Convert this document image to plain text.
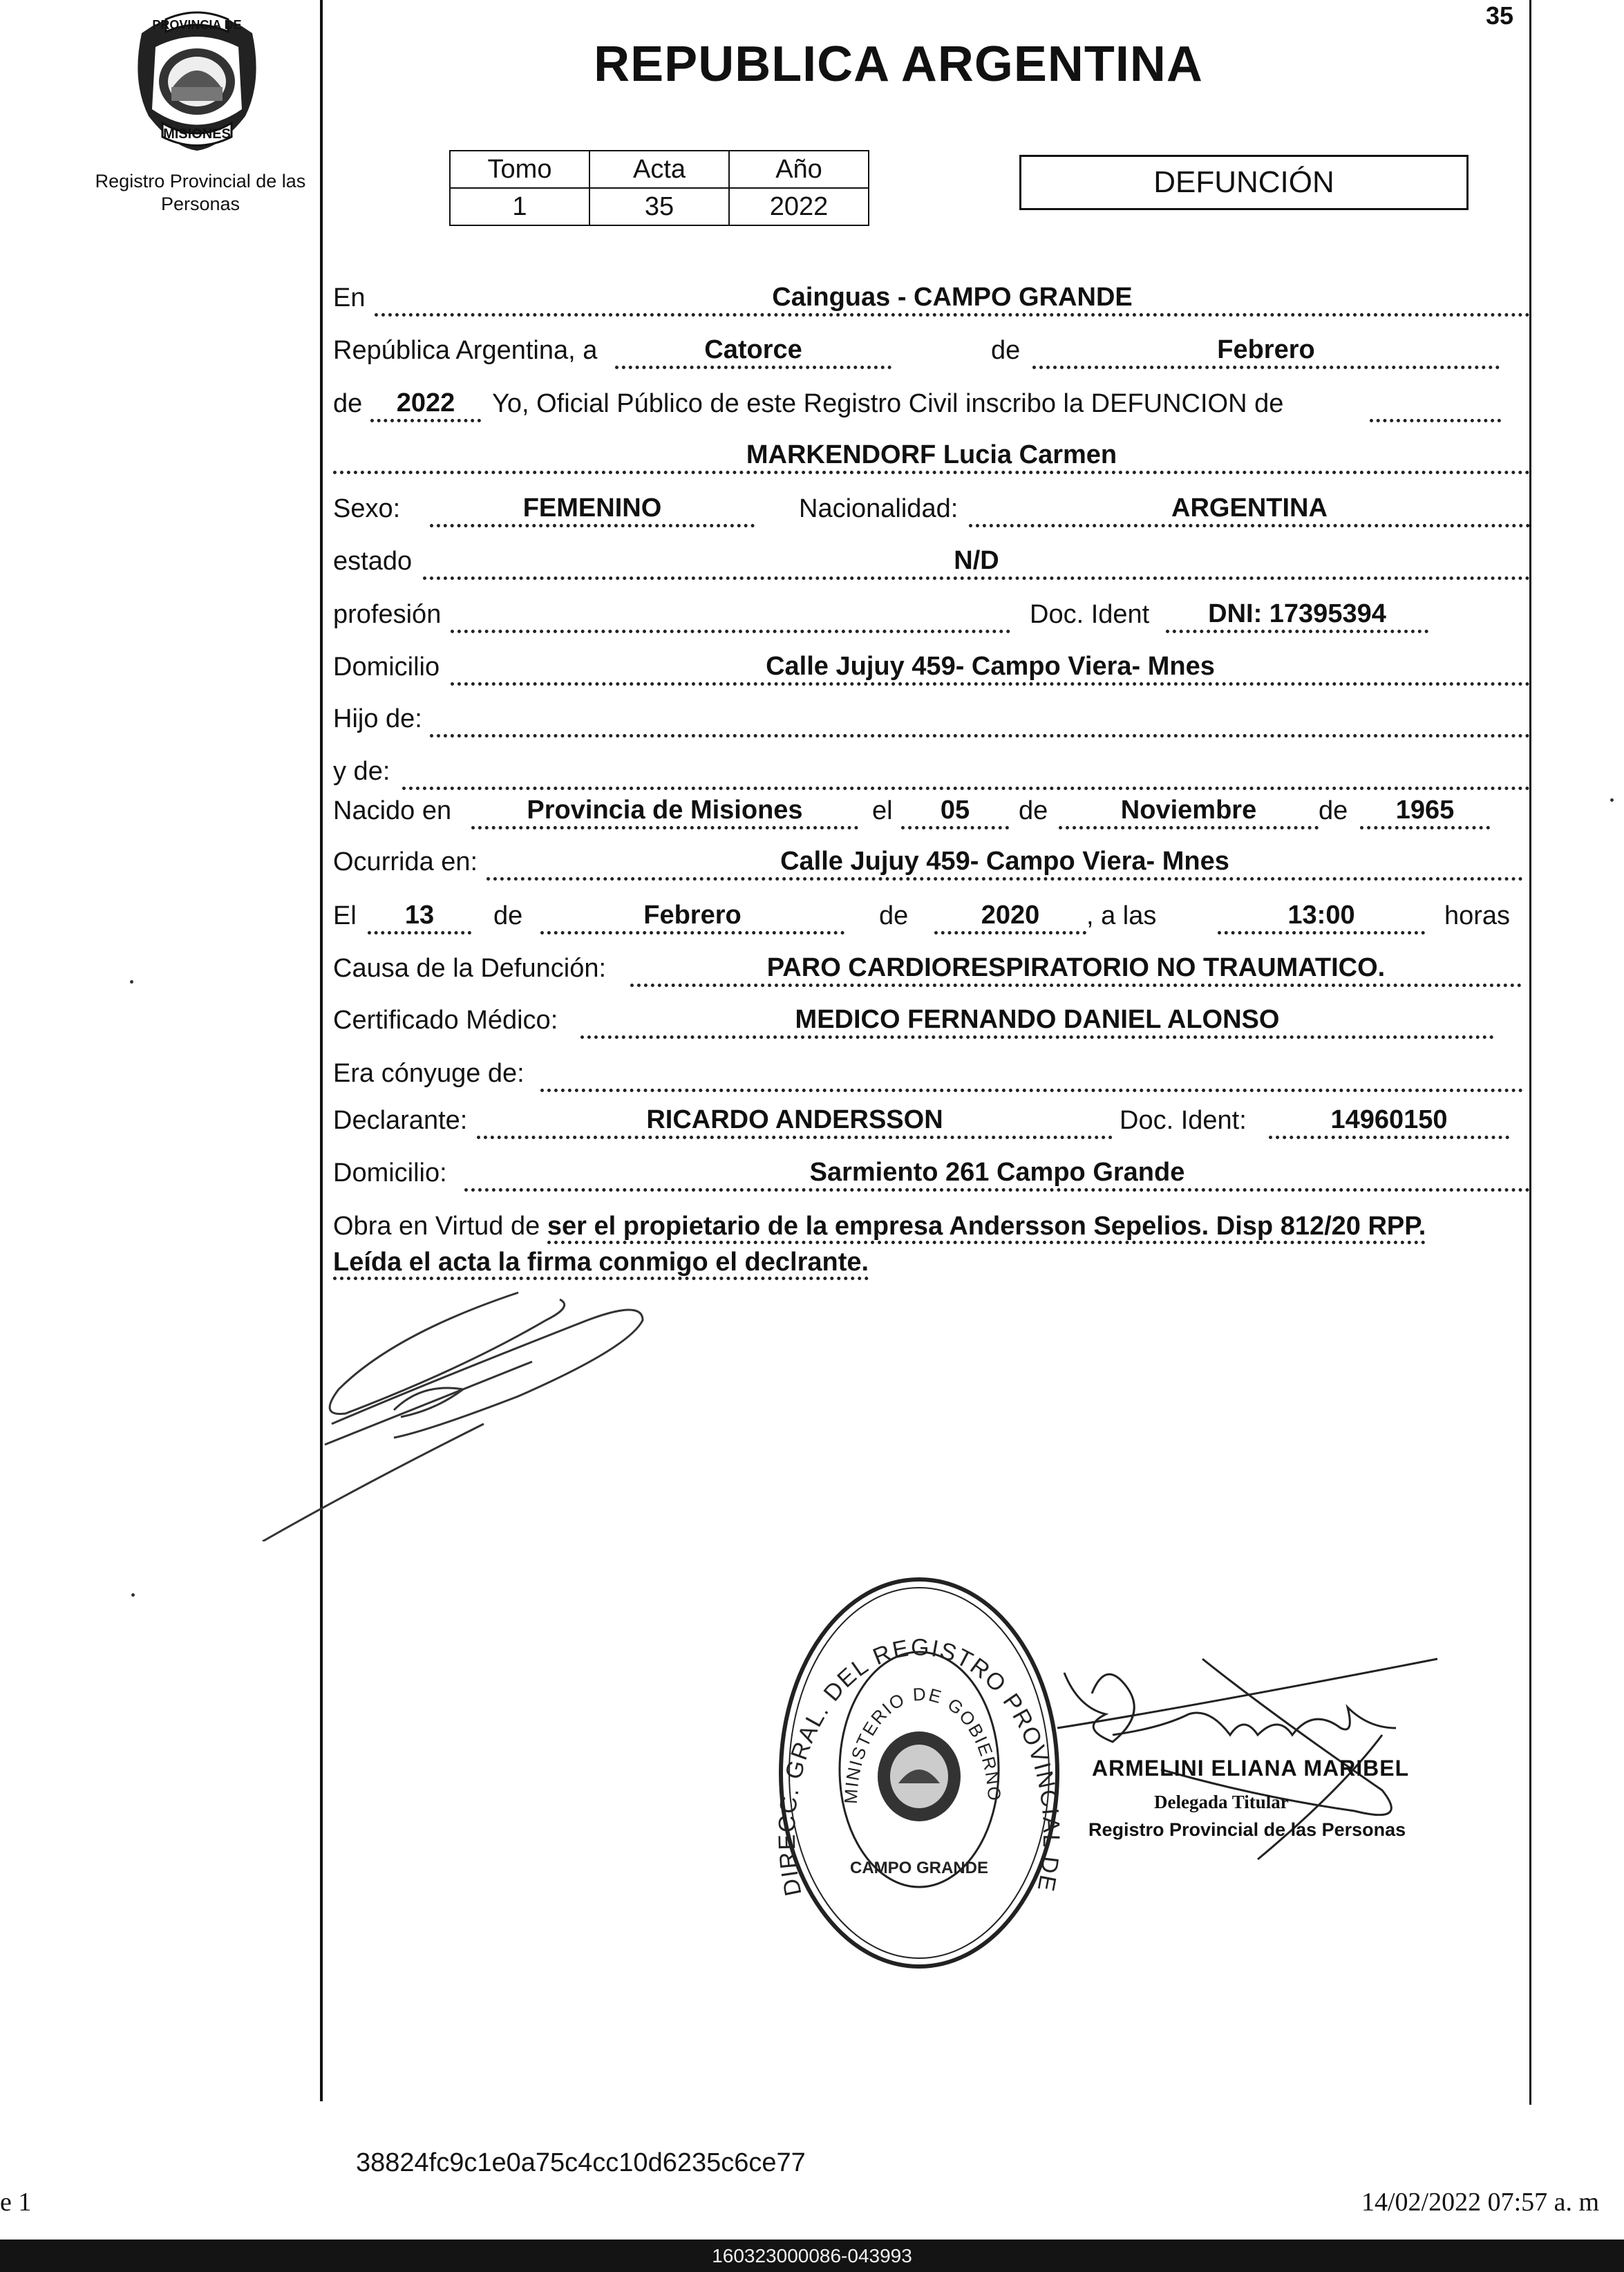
PROVINCIA DE
MISIONES
Registro Provincial de las Personas
35
REPUBLICA ARGENTINA
Tomo	Acta	Año
1	35	2022
DEFUNCIÓN
En	Cainguas - CAMPO GRANDE
República Argentina, a	Catorce	de	Febrero
de	2022	Yo, Oficial Público de este Registro Civil inscribo la DEFUNCION de
MARKENDORF Lucia Carmen
Sexo:	FEMENINO	Nacionalidad:	ARGENTINA
estado	N/D
profesión	Doc. Ident	DNI: 17395394
Domicilio	Calle Jujuy 459- Campo Viera- Mnes
Hijo de:
y de:
Nacido en	Provincia de Misiones	el	05	de	Noviembre	de	1965
Ocurrida en:	Calle Jujuy 459- Campo Viera- Mnes
El	13	de	Febrero	de	2020	, a las	13:00	horas
Causa de la Defunción:	PARO CARDIORESPIRATORIO NO TRAUMATICO.
Certificado Médico:	MEDICO FERNANDO DANIEL ALONSO
Era cónyuge de:
Declarante:	RICARDO ANDERSSON	Doc. Ident:	14960150
Domicilio:	Sarmiento 261 Campo Grande
Obra en Virtud de ser el propietario de la empresa Andersson Sepelios. Disp 812/20 RPP.
Leída el acta la firma conmigo el declrante.
DIRECC. GRAL. DEL REGISTRO PROVINCIAL DE
MINISTERIO DE GOBIERNO
CAMPO GRANDE
ARMELINI ELIANA MARIBEL
Delegada Titular
Registro Provincial de las Personas
38824fc9c1e0a75c4cc10d6235c6ce77
e 1	14/02/2022 07:57 a. m
160323000086-043993
